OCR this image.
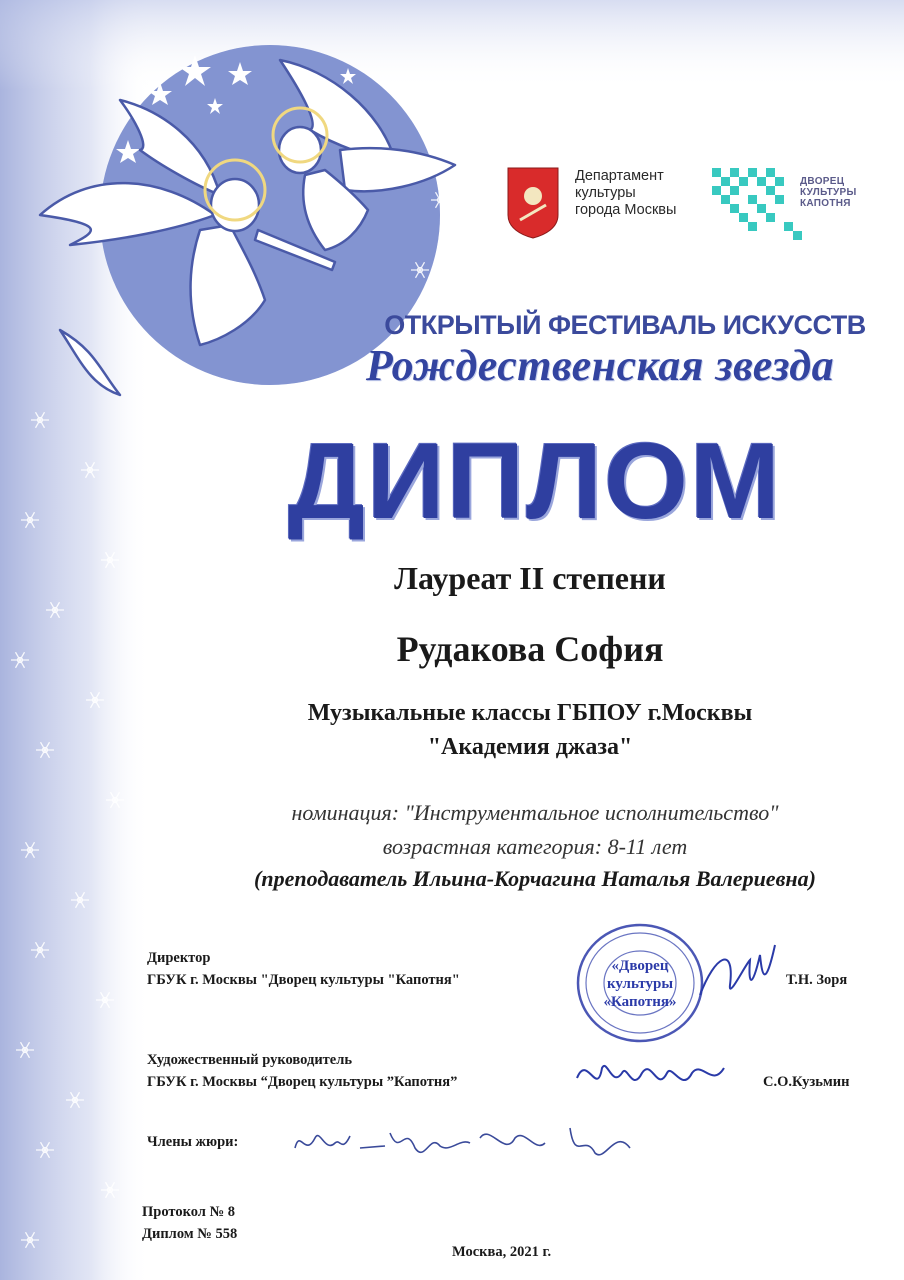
Департамент
культуры
города Москвы
ДВОРЕЦ
КУЛЬТУРЫ
КАПОТНЯ
ОТКРЫТЫЙ ФЕСТИВАЛЬ ИСКУССТВ
Рождественская звезда
ДИПЛОМ
Лауреат II степени
Рудакова София
Музыкальные классы ГБПОУ г.Москвы
"Академия джаза"
номинация: "Инструментальное исполнительство"
возрастная категория: 8-11 лет
(преподаватель Ильина-Корчагина Наталья Валериевна)
Директор
ГБУК г. Москвы "Дворец культуры "Капотня"	Т.Н. Зоря
Художественный руководитель
ГБУК г. Москвы “Дворец культуры ”Капотня”	С.О.Кузьмин
Члены жюри:
«Дворец
культуры
«Капотня»
Протокол № 8
Диплом № 558
Москва, 2021 г.
